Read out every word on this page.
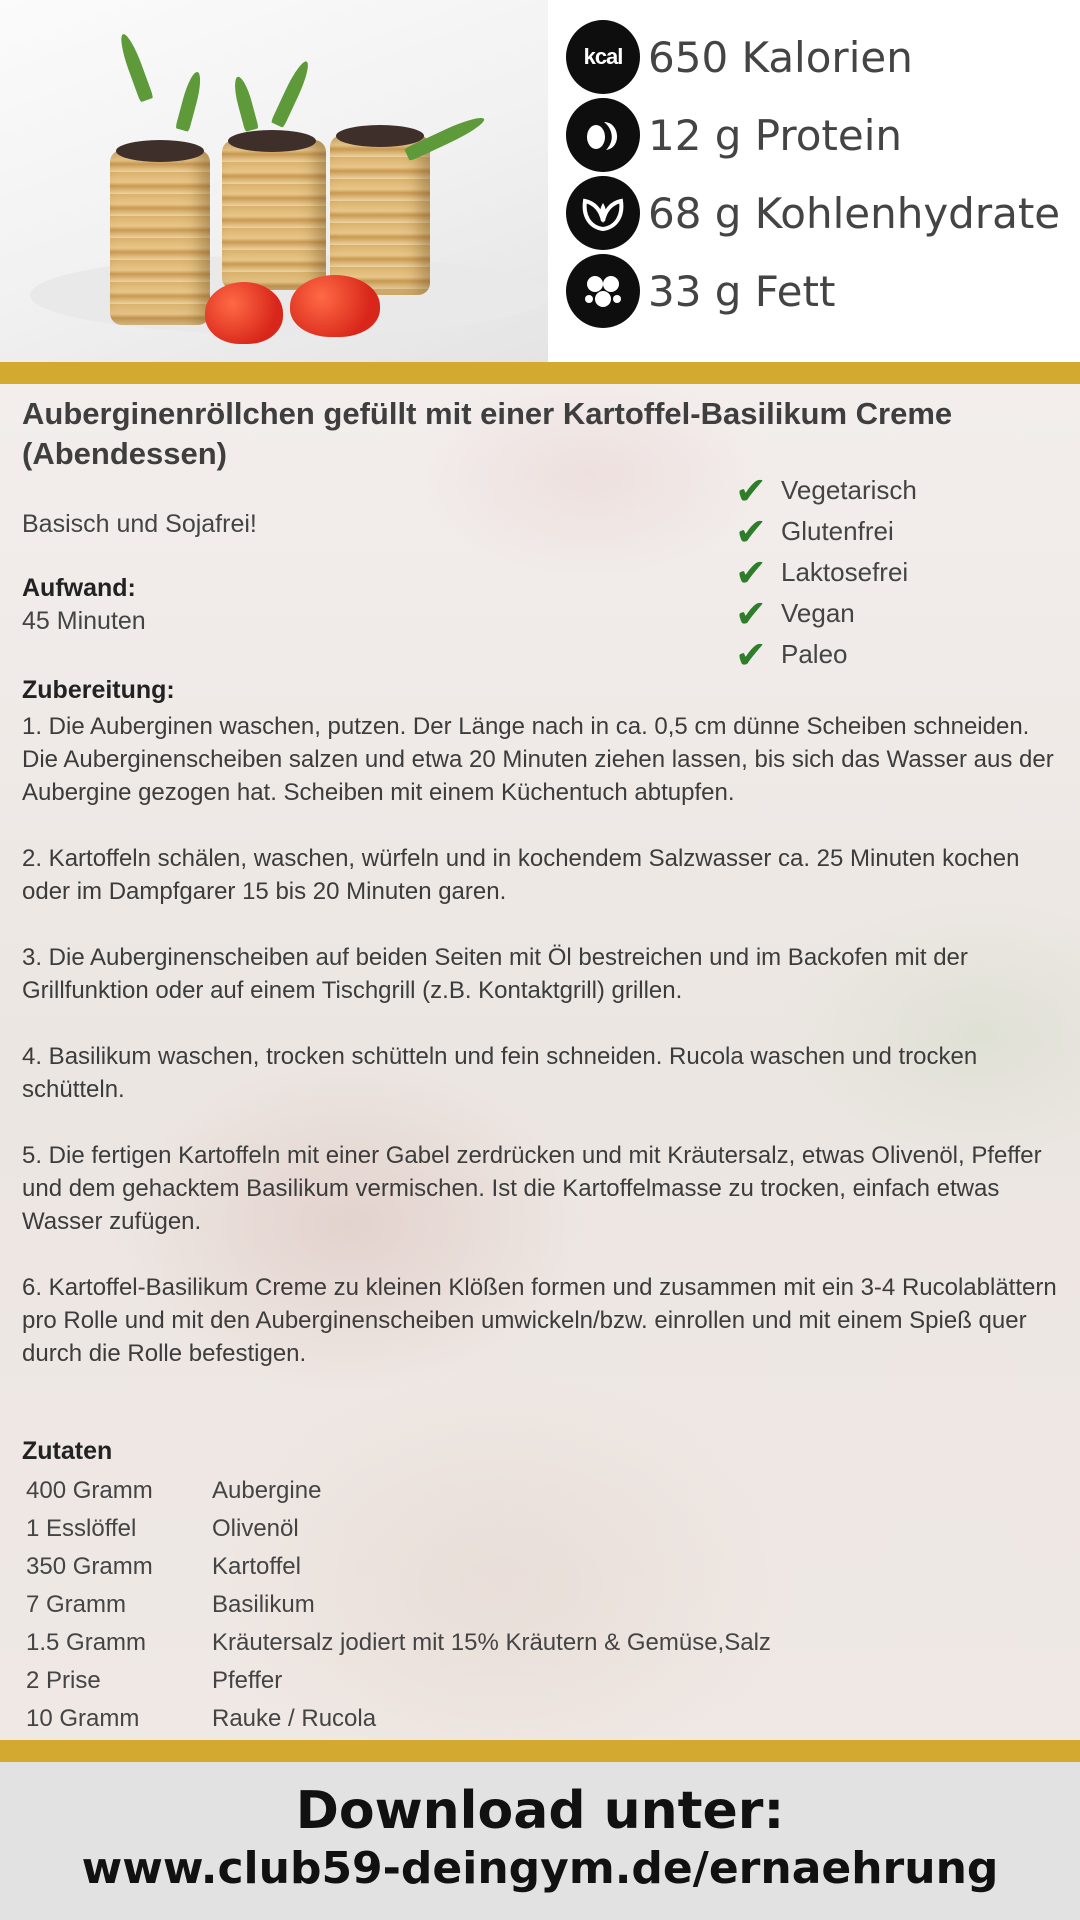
kcal 650 Kalorien
12 g Protein
68 g Kohlenhydrate
33 g Fett
Auberginenröllchen gefüllt mit einer Kartoffel-Basilikum Creme (Abendessen)
Basisch und Sojafrei!
Aufwand:
45 Minuten
✔ Vegetarisch
✔ Glutenfrei
✔ Laktosefrei
✔ Vegan
✔ Paleo
Zubereitung:

1. Die Auberginen waschen, putzen. Der Länge nach in ca. 0,5 cm dünne Scheiben schneiden. Die Auberginenscheiben salzen und etwa 20 Minuten ziehen lassen, bis sich das Wasser aus der Aubergine gezogen hat. Scheiben mit einem Küchentuch abtupfen.

2. Kartoffeln schälen, waschen, würfeln und in kochendem Salzwasser ca. 25 Minuten kochen oder im Dampfgarer 15 bis 20 Minuten garen.

3. Die Auberginenscheiben auf beiden Seiten mit Öl bestreichen und im Backofen mit der Grillfunktion oder auf einem Tischgrill (z.B. Kontaktgrill) grillen.

4. Basilikum waschen, trocken schütteln und fein schneiden. Rucola waschen und trocken schütteln.

5. Die fertigen Kartoffeln mit einer Gabel zerdrücken und mit Kräutersalz, etwas Olivenöl, Pfeffer und dem gehacktem Basilikum vermischen. Ist die Kartoffelmasse zu trocken, einfach etwas Wasser zufügen.

6. Kartoffel-Basilikum Creme zu kleinen Klößen formen und zusammen mit ein 3-4 Rucolablättern pro Rolle und mit den Auberginenscheiben umwickeln/bzw. einrollen und mit einem Spieß quer durch die Rolle befestigen.

Zutaten
400 Gramm	Aubergine
1 Esslöffel	Olivenöl
350 Gramm	Kartoffel
7 Gramm	Basilikum
1.5 Gramm	Kräutersalz jodiert mit 15% Kräutern & Gemüse,Salz
2 Prise	Pfeffer
10 Gramm	Rauke / Rucola
Download unter:
www.club59-deingym.de/ernaehrung
